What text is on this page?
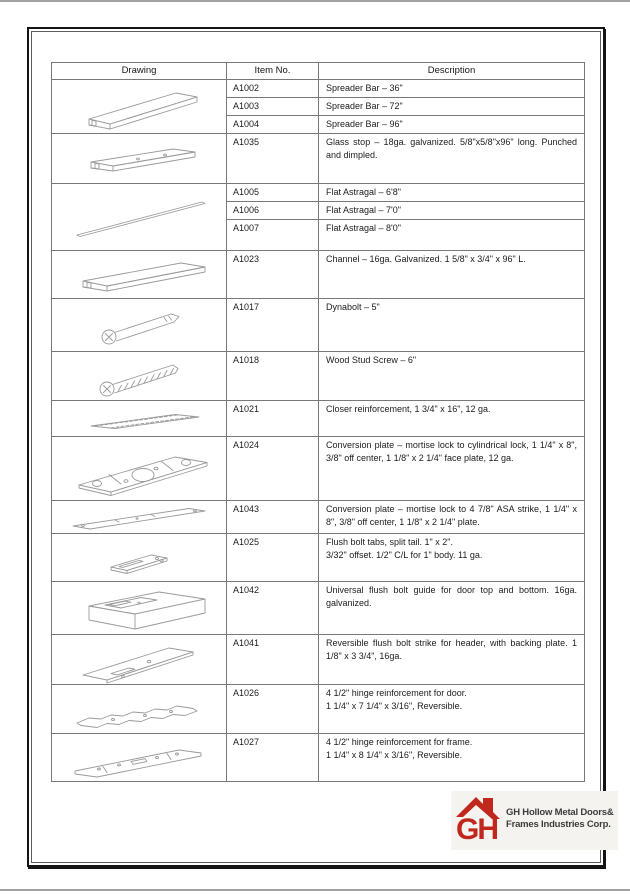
Drawing	Item No.	Description

	A1002	Spreader Bar – 36"
	A1003	Spreader Bar – 72"
	A1004	Spreader Bar – 96"

	A1035	Glass stop – 18ga. galvanized. 5/8"x5/8"x96" long. Punched and dimpled.

	A1005	Flat Astragal – 6'8"
	A1006	Flat Astragal – 7'0"
	A1007	Flat Astragal – 8'0"

	A1023	Channel – 16ga. Galvanized. 1 5/8" x 3/4" x 96" L.

	A1017	Dynabolt – 5"

	A1018	Wood Stud Screw – 6"

	A1021	Closer reinforcement, 1 3/4" x 16", 12 ga.

	A1024	Conversion plate – mortise lock to cylindrical lock, 1 1/4" x 8", 3/8" off center, 1 1/8" x 2 1/4" face plate, 12 ga.

	A1043	Conversion plate – mortise lock to 4 7/8" ASA strike, 1 1/4" x 8", 3/8" off center, 1 1/8" x 2 1/4" plate.

	A1025	Flush bolt tabs, split tail. 1" x 2".
3/32" offset. 1/2" C/L for 1" body. 11 ga.

	A1042	Universal flush bolt guide for door top and bottom. 16ga. galvanized.

	A1041	Reversible flush bolt strike for header, with backing plate. 1 1/8" x 3 3/4", 16ga.

	A1026	4 1/2" hinge reinforcement for door.
1 1/4" x 7 1/4" x 3/16", Reversible.

	A1027	4 1/2" hinge reinforcement for frame.
1 1/4" x 8 1/4" x 3/16", Reversible.
GH
GH Hollow Metal Doors&
Frames Industries Corp.
